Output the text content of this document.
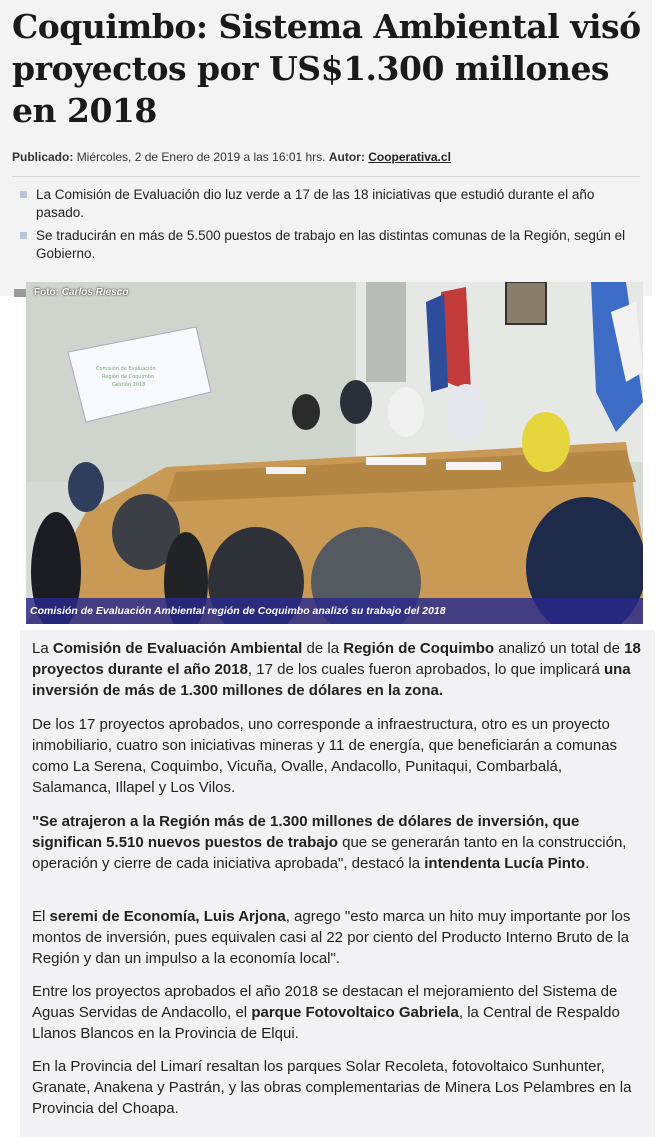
Coquimbo: Sistema Ambiental visó proyectos por US$1.300 millones en 2018
Publicado: Miércoles, 2 de Enero de 2019 a las 16:01 hrs. Autor: Cooperativa.cl
La Comisión de Evaluación dio luz verde a 17 de las 18 iniciativas que estudió durante el año pasado.
Se traducirán en más de 5.500 puestos de trabajo en las distintas comunas de la Región, según el Gobierno.
Comisión de Evaluación
Región de Coquimbo
Gestión 2018
Foto: Carlos Riesco
Comisión de Evaluación Ambiental región de Coquimbo analizó su trabajo del 2018

La Comisión de Evaluación Ambiental de la Región de Coquimbo analizó un total de 18 proyectos durante el año 2018, 17 de los cuales fueron aprobados, lo que implicará una inversión de más de 1.300 millones de dólares en la zona.

De los 17 proyectos aprobados, uno corresponde a infraestructura, otro es un proyecto inmobiliario, cuatro son iniciativas mineras y 11 de energía, que beneficiarán a comunas como La Serena, Coquimbo, Vicuña, Ovalle, Andacollo, Punitaqui, Combarbalá, Salamanca, Illapel y Los Vilos.

"Se atrajeron a la Región más de 1.300 millones de dólares de inversión, que significan 5.510 nuevos puestos de trabajo que se generarán tanto en la construcción, operación y cierre de cada iniciativa aprobada", destacó la intendenta Lucía Pinto.

El seremi de Economía, Luis Arjona, agrego "esto marca un hito muy importante por los montos de inversión, pues equivalen casi al 22 por ciento del Producto Interno Bruto de la Región y dan un impulso a la economía local".

Entre los proyectos aprobados el año 2018 se destacan el mejoramiento del Sistema de Aguas Servidas de Andacollo, el parque Fotovoltaico Gabriela, la Central de Respaldo Llanos Blancos en la Provincia de Elqui.

En la Provincia del Limarí resaltan los parques Solar Recoleta, fotovoltaico Sunhunter, Granate, Anakena y Pastrán, y las obras complementarias de Minera Los Pelambres en la Provincia del Choapa.
